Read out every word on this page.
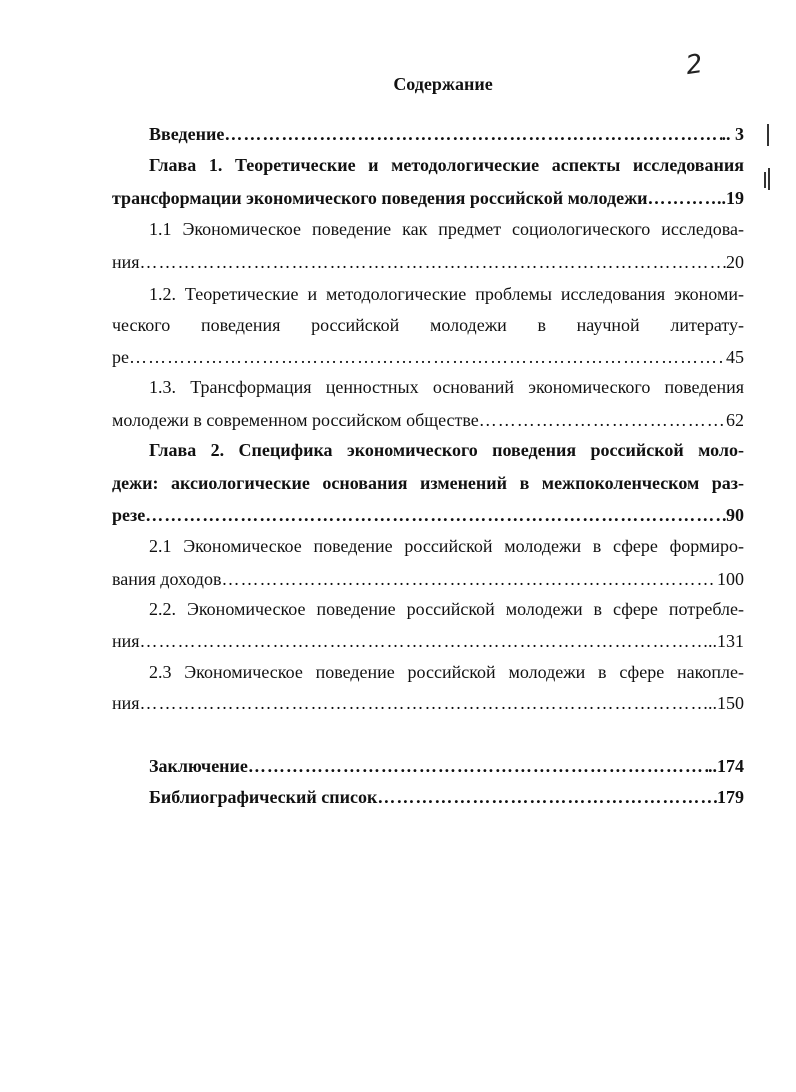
2
Содержание
Введение …………………………………………………………………………………………………………………………………………………………	.. 3
Глава 1. Теоретические и методологические аспекты исследования
трансформации экономического поведения российской молодежи …………………………………………………………………………………………………………………………………………………………	..19
1.1 Экономическое поведение как предмет социологического исследова-
ния …………………………………………………………………………………………………………………………………………………………	20
1.2. Теоретические и методологические проблемы исследования экономи-
ческого поведения российской молодежи в научной литерату-
ре …………………………………………………………………………………………………………………………………………………………	45
1.3. Трансформация ценностных оснований экономического поведения
молодежи в современном российском обществе …………………………………………………………………………………………………………………………………………………………	62
Глава 2. Специфика экономического поведения российской моло-
дежи: аксиологические основания изменений в межпоколенческом раз-
резе …………………………………………………………………………………………………………………………………………………………	90
2.1 Экономическое поведение российской молодежи в сфере формиро-
вания доходов …………………………………………………………………………………………………………………………………………………………	100
2.2. Экономическое поведение российской молодежи в сфере потребле-
ния …………………………………………………………………………………………………………………………………………………………	..131
2.3 Экономическое поведение российской молодежи в сфере накопле-
ния …………………………………………………………………………………………………………………………………………………………	..150
Заключение …………………………………………………………………………………………………………………………………………………………	..174
Библиографический список …………………………………………………………………………………………………………………………………………………………	179
